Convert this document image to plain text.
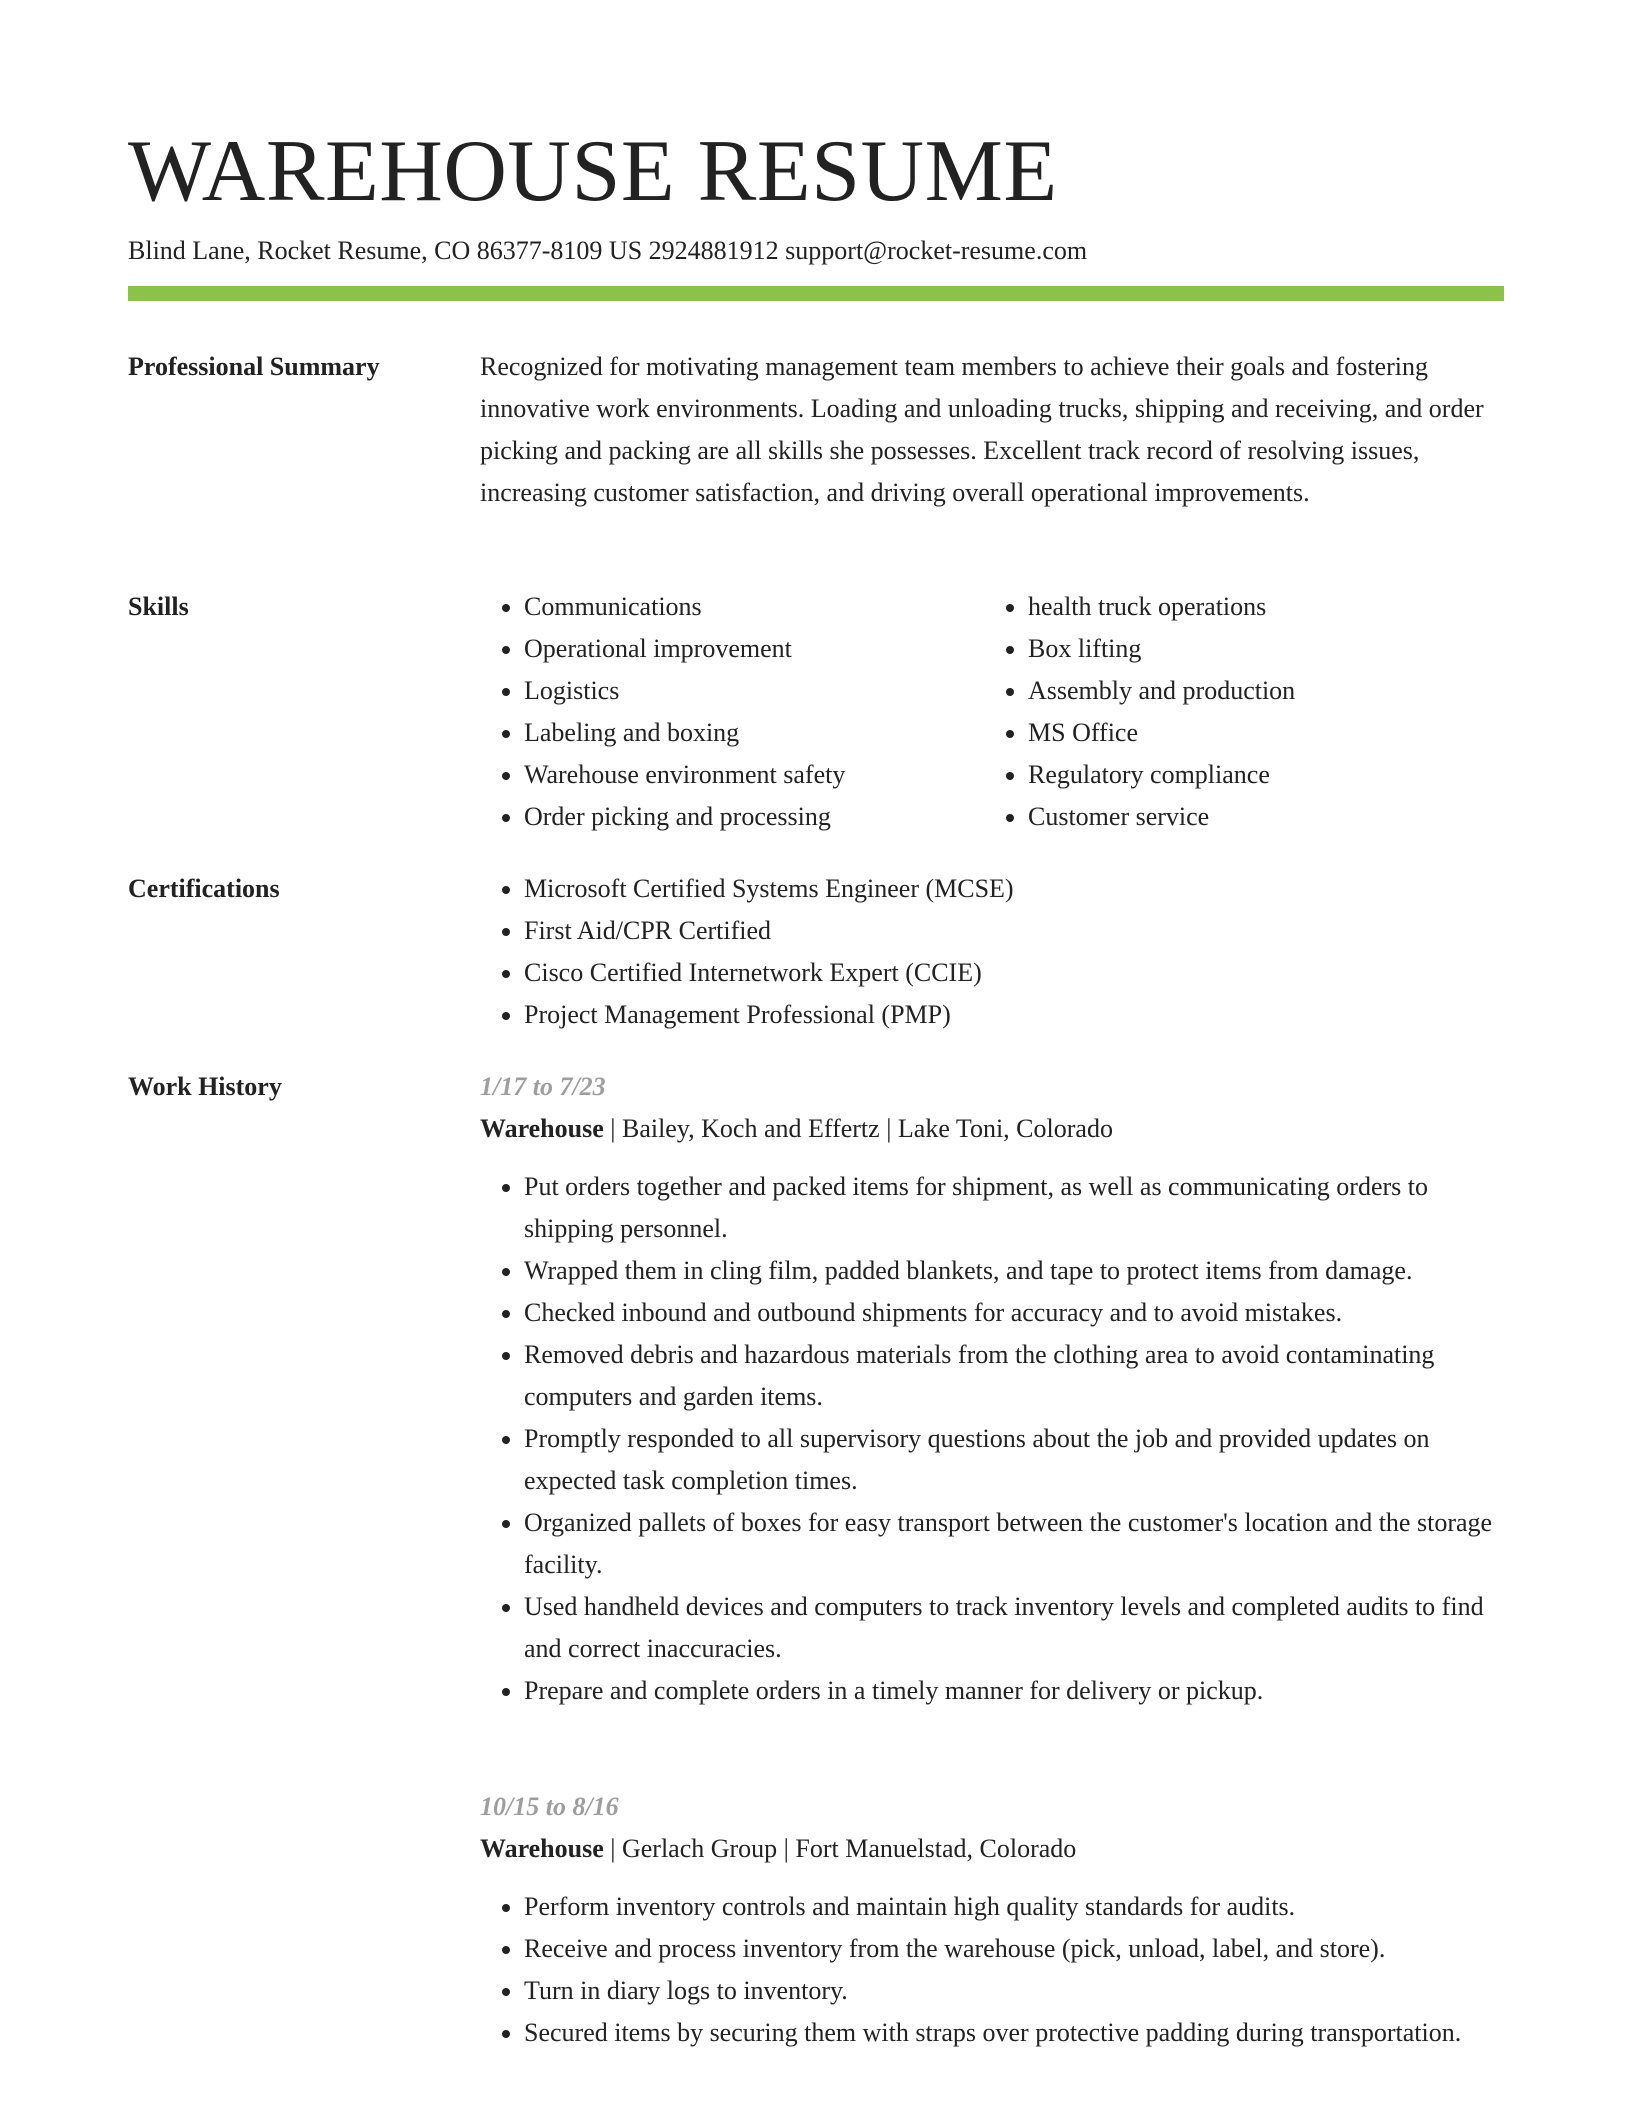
WAREHOUSE RESUME
Blind Lane, Rocket Resume, CO 86377-8109 US 2924881912 support@rocket-resume.com
Professional Summary	Recognized for motivating management team members to achieve their goals and fostering innovative work environments. Loading and unloading trucks, shipping and receiving, and order picking and packing are all skills she possesses. Excellent track record of resolving issues, increasing customer satisfaction, and driving overall operational improvements.

Skills	• Communications
• Operational improvement
• Logistics
• Labeling and boxing
• Warehouse environment safety
• Order picking and processing
• health truck operations
• Box lifting
• Assembly and production
• MS Office
• Regulatory compliance
• Customer service
Certifications	• Microsoft Certified Systems Engineer (MCSE)
• First Aid/CPR Certified
• Cisco Certified Internetwork Expert (CCIE)
• Project Management Professional (PMP)
Work History	1/17 to 7/23
Warehouse | Bailey, Koch and Effertz | Lake Toni, Colorado
• Put orders together and packed items for shipment, as well as communicating orders to shipping personnel.
• Wrapped them in cling film, padded blankets, and tape to protect items from damage.
• Checked inbound and outbound shipments for accuracy and to avoid mistakes.
• Removed debris and hazardous materials from the clothing area to avoid contaminating computers and garden items.
• Promptly responded to all supervisory questions about the job and provided updates on expected task completion times.
• Organized pallets of boxes for easy transport between the customer's location and the storage facility.
• Used handheld devices and computers to track inventory levels and completed audits to find and correct inaccuracies.
• Prepare and complete orders in a timely manner for delivery or pickup.
10/15 to 8/16
Warehouse | Gerlach Group | Fort Manuelstad, Colorado
• Perform inventory controls and maintain high quality standards for audits.
• Receive and process inventory from the warehouse (pick, unload, label, and store).
• Turn in diary logs to inventory.
• Secured items by securing them with straps over protective padding during transportation.
